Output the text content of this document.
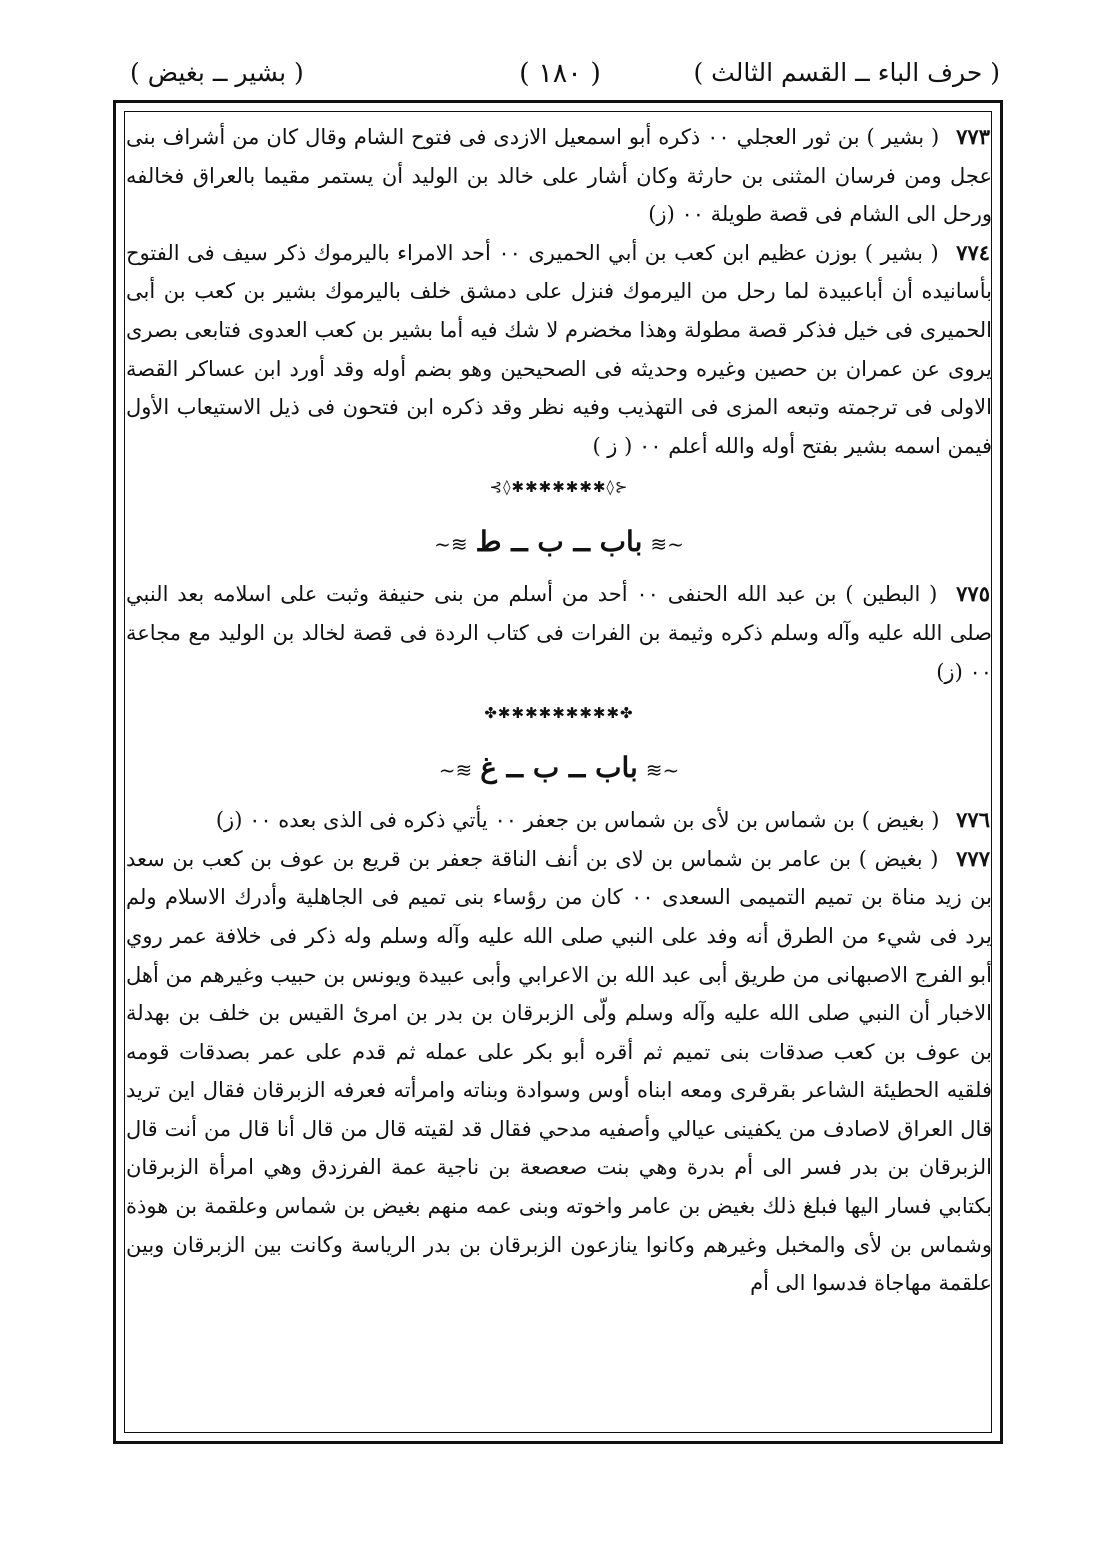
( حرف الباء ــ القسم الثالث )
( ١٨٠ )
( بشير ــ بغيض )
٧٧٣ ( بشير ) بن ثور العجلي ٠٠ ذكره أبو اسمعيل الازدى فى فتوح الشام وقال كان من أشراف بنى عجل ومن فرسان المثنى بن حارثة وكان أشار على خالد بن الوليد أن يستمر مقيما بالعراق فخالفه ورحل الى الشام فى قصة طويلة ٠٠ (ز)
٧٧٤ ( بشير ) بوزن عظيم ابن كعب بن أبي الحميرى ٠٠ أحد الامراء باليرموك ذكر سيف فى الفتوح بأسانيده أن أباعبيدة لما رحل من اليرموك فنزل على دمشق خلف باليرموك بشير بن كعب بن أبى الحميرى فى خيل فذكر قصة مطولة وهذا مخضرم لا شك فيه أما بشير بن كعب العدوى فتابعى بصرى يروى عن عمران بن حصين وغيره وحديثه فى الصحيحين وهو بضم أوله وقد أورد ابن عساكر القصة الاولى فى ترجمته وتبعه المزى فى التهذيب وفيه نظر وقد ذكره ابن فتحون فى ذيل الاستيعاب الأول فيمن اسمه بشير بفتح أوله والله أعلم ٠٠ ( ز )
⊰◊✱✱✱✱✱✱✱◊⊱
~≋باب ــ ب ــ ط≋~
٧٧٥ ( البطين ) بن عبد الله الحنفى ٠٠ أحد من أسلم من بنى حنيفة وثبت على اسلامه بعد النبي صلى الله عليه وآله وسلم ذكره وثيمة بن الفرات فى كتاب الردة فى قصة لخالد بن الوليد مع مجاعة ٠٠ (ز)
✤✱✱✱✱✱✱✱✱✱✤
~≋باب ــ ب ــ غ≋~
٧٧٦ ( بغيض ) بن شماس بن لأى بن شماس بن جعفر ٠٠ يأتي ذكره فى الذى بعده ٠٠ (ز)
٧٧٧ ( بغيض ) بن عامر بن شماس بن لاى بن أنف الناقة جعفر بن قريع بن عوف بن كعب بن سعد بن زيد مناة بن تميم التميمى السعدى ٠٠ كان من رؤساء بنى تميم فى الجاهلية وأدرك الاسلام ولم يرد فى شيء من الطرق أنه وفد على النبي صلى الله عليه وآله وسلم وله ذكر فى خلافة عمر روي أبو الفرج الاصبهانى من طريق أبى عبد الله بن الاعرابي وأبى عبيدة ويونس بن حبيب وغيرهم من أهل الاخبار أن النبي صلى الله عليه وآله وسلم ولّى الزبرقان بن بدر بن امرئ القيس بن خلف بن بهدلة بن عوف بن كعب صدقات بنى تميم ثم أقره أبو بكر على عمله ثم قدم على عمر بصدقات قومه فلقيه الحطيئة الشاعر بقرقرى ومعه ابناه أوس وسوادة وبناته وامرأته فعرفه الزبرقان فقال اين تريد قال العراق لاصادف من يكفينى عيالي وأصفيه مدحي فقال قد لقيته قال من قال أنا قال من أنت قال الزبرقان بن بدر فسر الى أم بدرة وهي بنت صعصعة بن ناجية عمة الفرزدق وهي امرأة الزبرقان بكتابي فسار اليها فبلغ ذلك بغيض بن عامر واخوته وبنى عمه منهم بغيض بن شماس وعلقمة بن هوذة وشماس بن لأى والمخبل وغيرهم وكانوا ينازعون الزبرقان بن بدر الرياسة وكانت بين الزبرقان وبين علقمة مهاجاة فدسوا الى أم
